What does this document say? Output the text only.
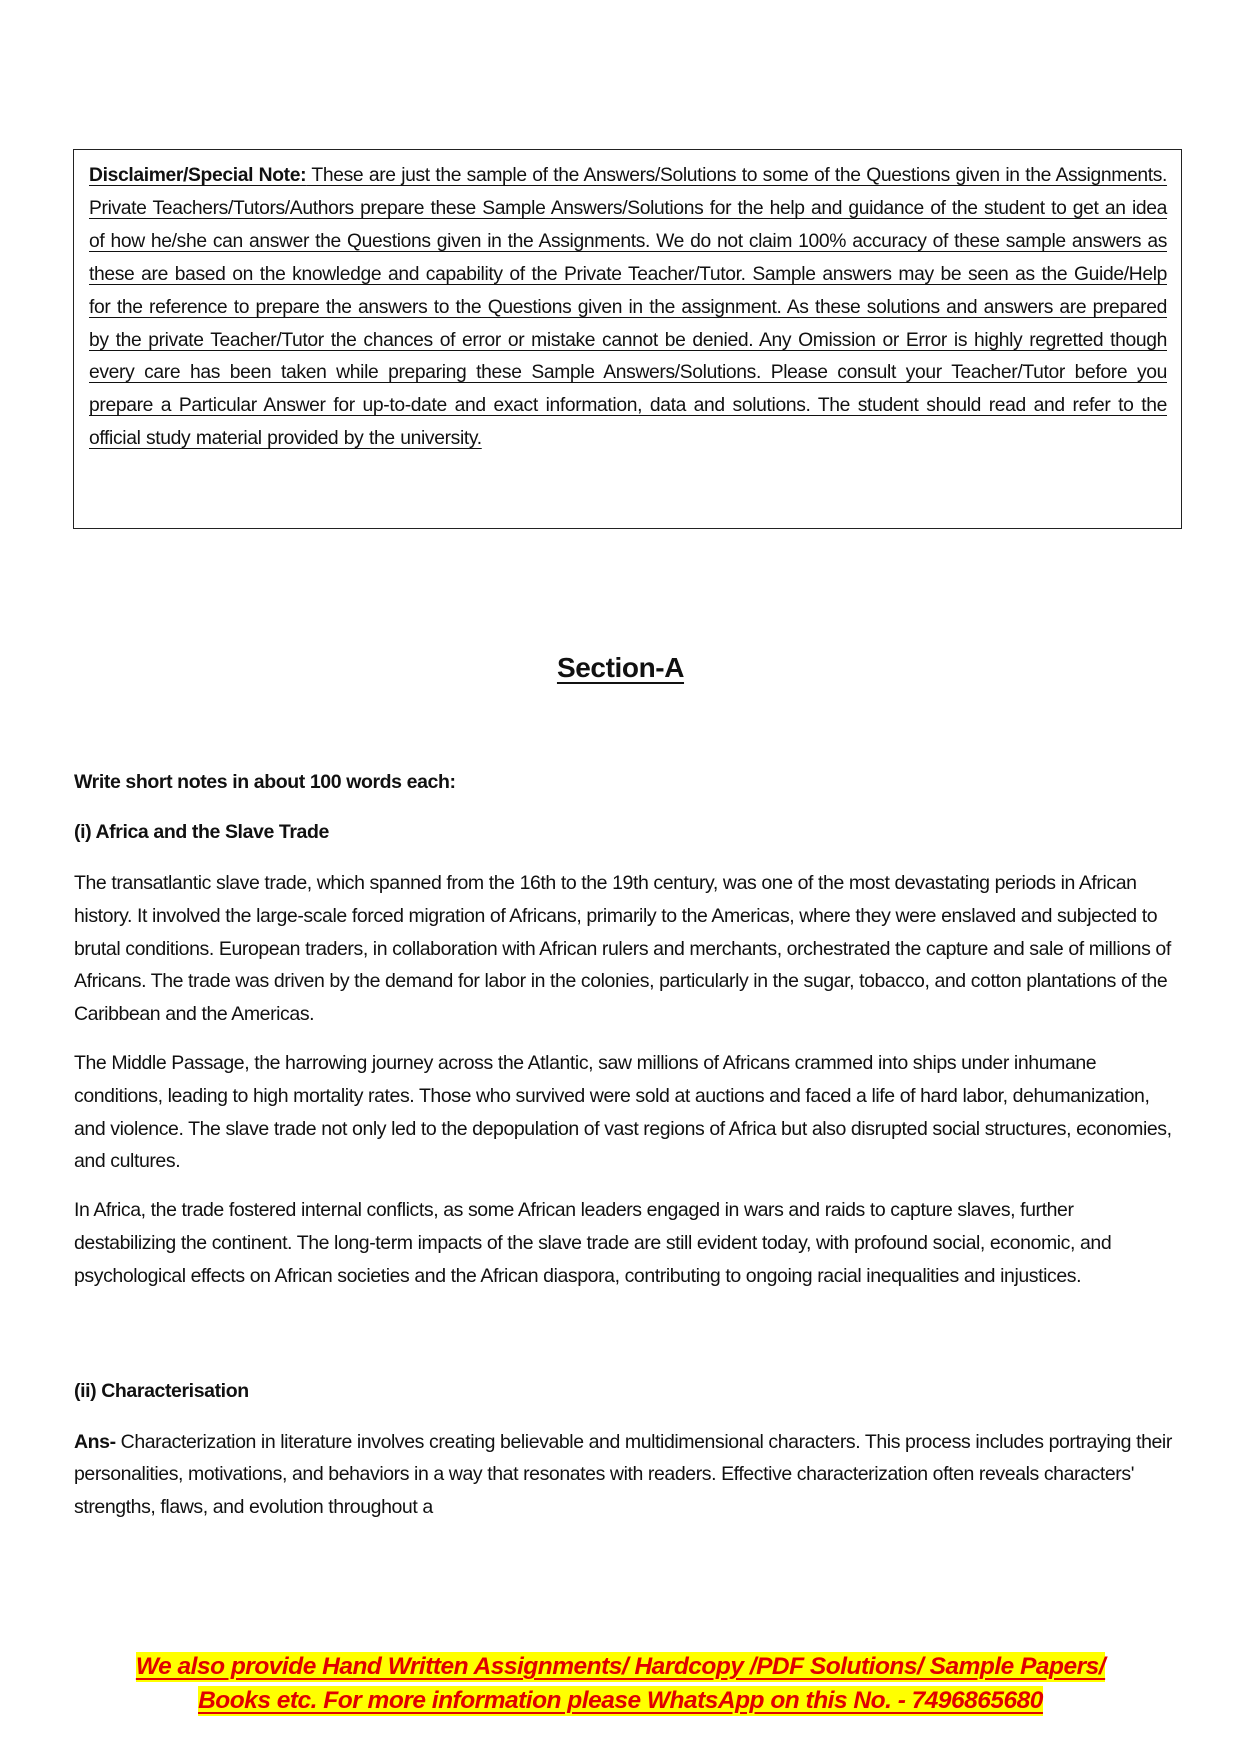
Disclaimer/Special Note: These are just the sample of the Answers/Solutions to some of the Questions given in the Assignments. Private Teachers/Tutors/Authors prepare these Sample Answers/Solutions for the help and guidance of the student to get an idea of how he/she can answer the Questions given in the Assignments. We do not claim 100% accuracy of these sample answers as these are based on the knowledge and capability of the Private Teacher/Tutor. Sample answers may be seen as the Guide/Help for the reference to prepare the answers to the Questions given in the assignment. As these solutions and answers are prepared by the private Teacher/Tutor the chances of error or mistake cannot be denied. Any Omission or Error is highly regretted though every care has been taken while preparing these Sample Answers/Solutions. Please consult your Teacher/Tutor before you prepare a Particular Answer for up-to-date and exact information, data and solutions. The student should read and refer to the official study material provided by the university.
Section-A

Write short notes in about 100 words each:

(i) Africa and the Slave Trade

The transatlantic slave trade, which spanned from the 16th to the 19th century, was one of the most devastating periods in African history. It involved the large-scale forced migration of Africans, primarily to the Americas, where they were enslaved and subjected to brutal conditions. European traders, in collaboration with African rulers and merchants, orchestrated the capture and sale of millions of Africans. The trade was driven by the demand for labor in the colonies, particularly in the sugar, tobacco, and cotton plantations of the Caribbean and the Americas.

The Middle Passage, the harrowing journey across the Atlantic, saw millions of Africans crammed into ships under inhumane conditions, leading to high mortality rates. Those who survived were sold at auctions and faced a life of hard labor, dehumanization, and violence. The slave trade not only led to the depopulation of vast regions of Africa but also disrupted social structures, economies, and cultures.

In Africa, the trade fostered internal conflicts, as some African leaders engaged in wars and raids to capture slaves, further destabilizing the continent. The long-term impacts of the slave trade are still evident today, with profound social, economic, and psychological effects on African societies and the African diaspora, contributing to ongoing racial inequalities and injustices.

(ii) Characterisation

Ans- Characterization in literature involves creating believable and multidimensional characters. This process includes portraying their personalities, motivations, and behaviors in a way that resonates with readers. Effective characterization often reveals characters' strengths, flaws, and evolution throughout a

We also provide Hand Written Assignments/ Hardcopy /PDF Solutions/ Sample Papers/
Books etc. For more information please WhatsApp on this No. - 7496865680
